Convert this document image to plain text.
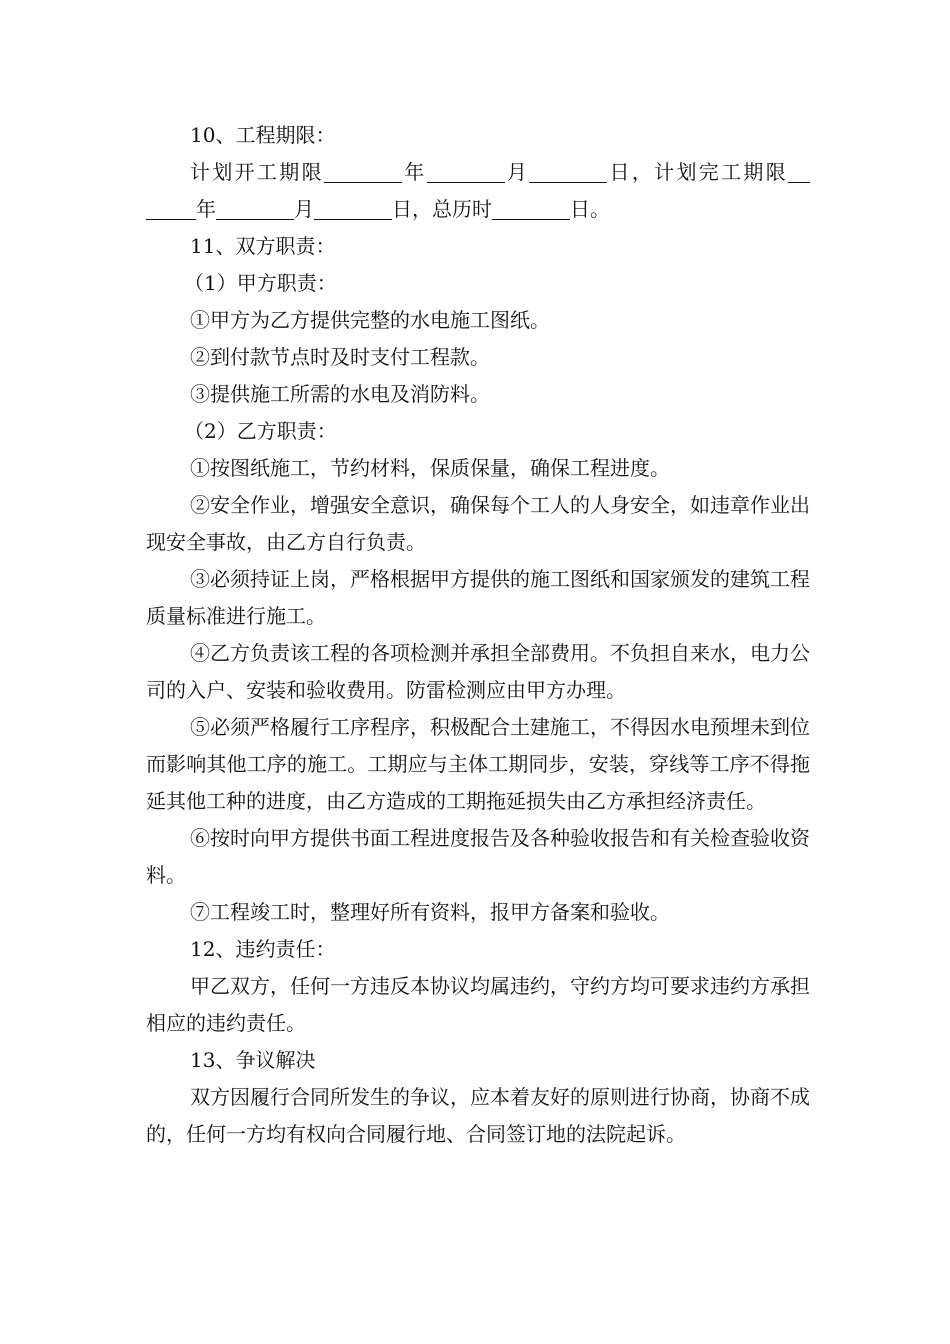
10、工程期限：

计划开工期限	年	月	日，计划完工期限年	月	日，总历时	日。

11、双方职责：

（1）甲方职责：

①甲方为乙方提供完整的水电施工图纸。

②到付款节点时及时支付工程款。

③提供施工所需的水电及消防料。

（2）乙方职责：

①按图纸施工，节约材料，保质保量，确保工程进度。

②安全作业，增强安全意识，确保每个工人的人身安全，如违章作业出现安全事故，由乙方自行负责。

③必须持证上岗，严格根据甲方提供的施工图纸和国家颁发的建筑工程质量标准进行施工。

④乙方负责该工程的各项检测并承担全部费用。不负担自来水，电力公司的入户、安装和验收费用。防雷检测应由甲方办理。

⑤必须严格履行工序程序，积极配合土建施工，不得因水电预埋未到位而影响其他工序的施工。工期应与主体工期同步，安装，穿线等工序不得拖延其他工种的进度，由乙方造成的工期拖延损失由乙方承担经济责任。

⑥按时向甲方提供书面工程进度报告及各种验收报告和有关检查验收资料。

⑦工程竣工时，整理好所有资料，报甲方备案和验收。

12、违约责任：

甲乙双方，任何一方违反本协议均属违约，守约方均可要求违约方承担相应的违约责任。

13、争议解决

双方因履行合同所发生的争议，应本着友好的原则进行协商，协商不成的，任何一方均有权向合同履行地、合同签订地的法院起诉。
